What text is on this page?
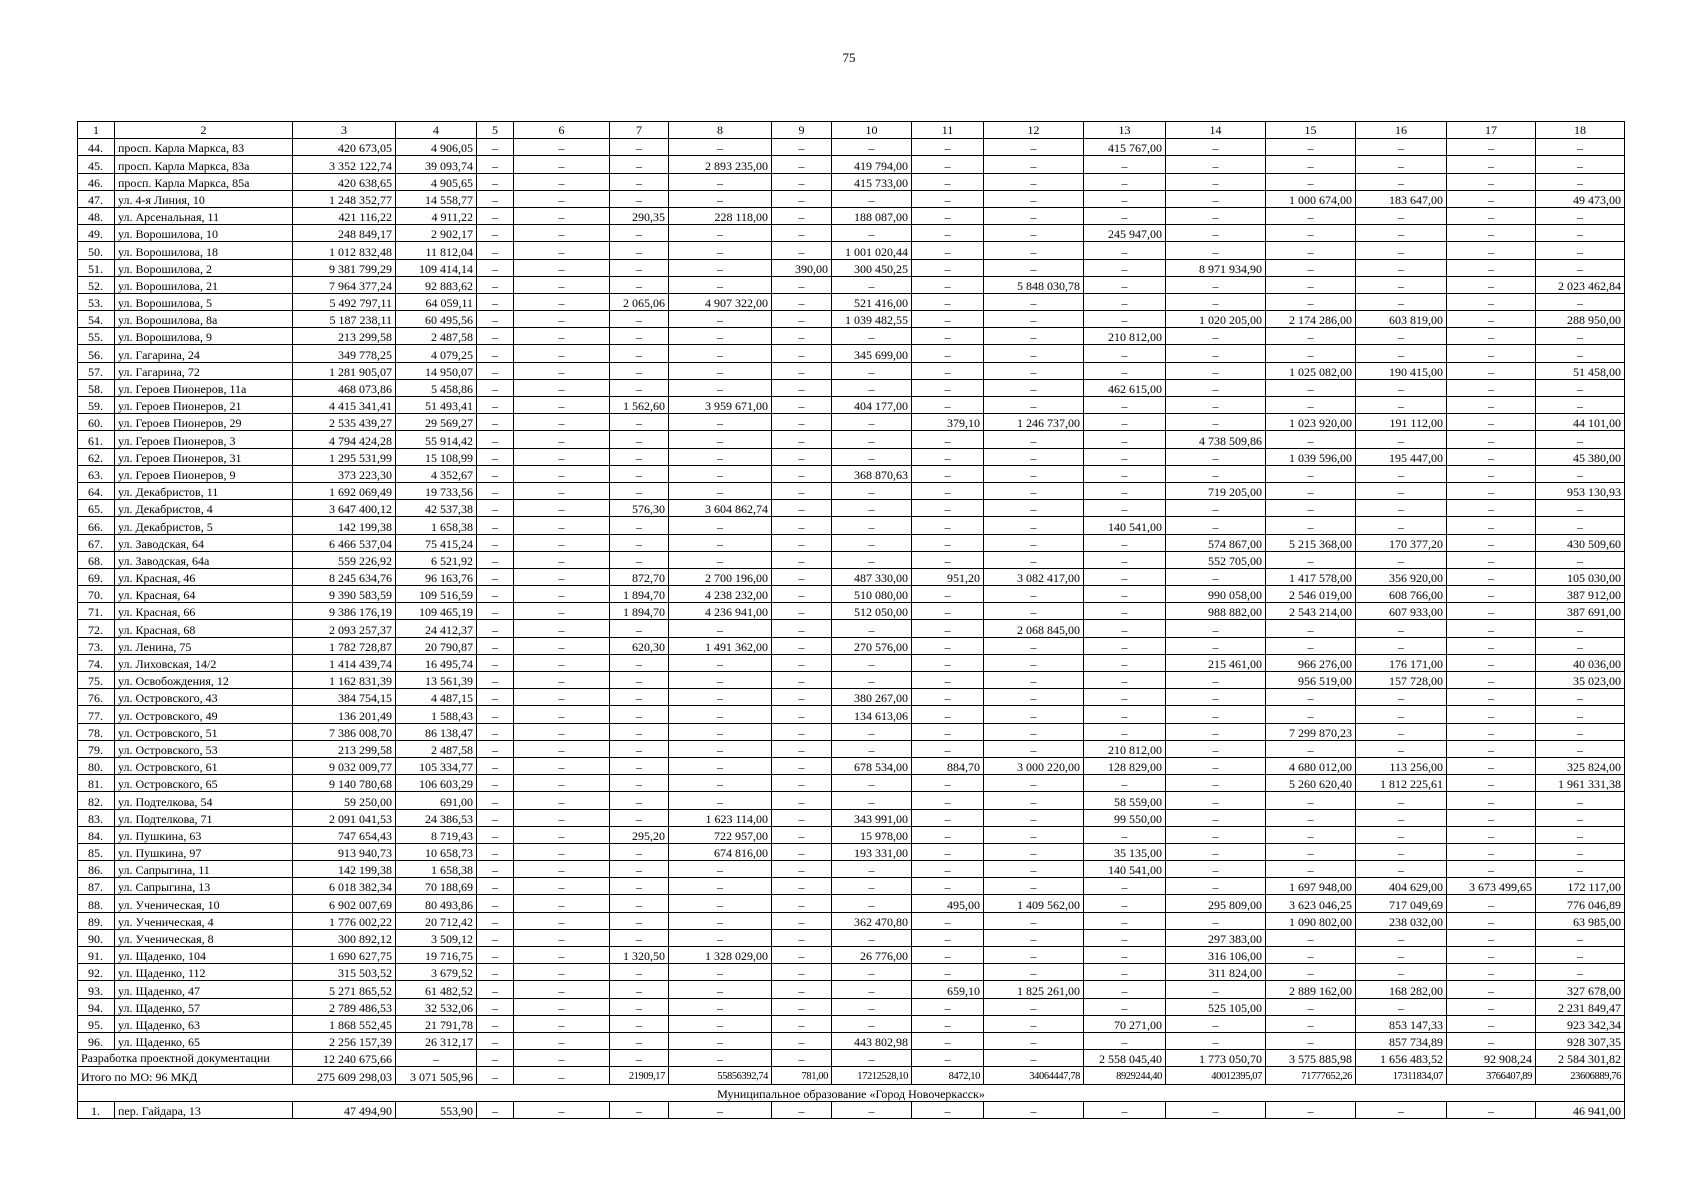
75
1	2	3	4	5	6	7	8	9	10	11	12	13	14	15	16	17	18
44.	просп. Карла Маркса, 83	420 673,05	4 906,05	–	–	–	–	–	–	–	–	415 767,00	–	–	–	–	–
45.	просп. Карла Маркса, 83а	3 352 122,74	39 093,74	–	–	–	2 893 235,00	–	419 794,00	–	–	–	–	–	–	–	–
46.	просп. Карла Маркса, 85а	420 638,65	4 905,65	–	–	–	–	–	415 733,00	–	–	–	–	–	–	–	–
47.	ул. 4-я Линия, 10	1 248 352,77	14 558,77	–	–	–	–	–	–	–	–	–	–	1 000 674,00	183 647,00	–	49 473,00
48.	ул. Арсенальная, 11	421 116,22	4 911,22	–	–	290,35	228 118,00	–	188 087,00	–	–	–	–	–	–	–	–
49.	ул. Ворошилова, 10	248 849,17	2 902,17	–	–	–	–	–	–	–	–	245 947,00	–	–	–	–	–
50.	ул. Ворошилова, 18	1 012 832,48	11 812,04	–	–	–	–	–	1 001 020,44	–	–	–	–	–	–	–	–
51.	ул. Ворошилова, 2	9 381 799,29	109 414,14	–	–	–	–	390,00	300 450,25	–	–	–	8 971 934,90	–	–	–	–
52.	ул. Ворошилова, 21	7 964 377,24	92 883,62	–	–	–	–	–	–	–	5 848 030,78	–	–	–	–	–	2 023 462,84
53.	ул. Ворошилова, 5	5 492 797,11	64 059,11	–	–	2 065,06	4 907 322,00	–	521 416,00	–	–	–	–	–	–	–	–
54.	ул. Ворошилова, 8а	5 187 238,11	60 495,56	–	–	–	–	–	1 039 482,55	–	–	–	1 020 205,00	2 174 286,00	603 819,00	–	288 950,00
55.	ул. Ворошилова, 9	213 299,58	2 487,58	–	–	–	–	–	–	–	–	210 812,00	–	–	–	–	–
56.	ул. Гагарина, 24	349 778,25	4 079,25	–	–	–	–	–	345 699,00	–	–	–	–	–	–	–	–
57.	ул. Гагарина, 72	1 281 905,07	14 950,07	–	–	–	–	–	–	–	–	–	–	1 025 082,00	190 415,00	–	51 458,00
58.	ул. Героев Пионеров, 11а	468 073,86	5 458,86	–	–	–	–	–	–	–	–	462 615,00	–	–	–	–	–
59.	ул. Героев Пионеров, 21	4 415 341,41	51 493,41	–	–	1 562,60	3 959 671,00	–	404 177,00	–	–	–	–	–	–	–	–
60.	ул. Героев Пионеров, 29	2 535 439,27	29 569,27	–	–	–	–	–	–	379,10	1 246 737,00	–	–	1 023 920,00	191 112,00	–	44 101,00
61.	ул. Героев Пионеров, 3	4 794 424,28	55 914,42	–	–	–	–	–	–	–	–	–	4 738 509,86	–	–	–	–
62.	ул. Героев Пионеров, 31	1 295 531,99	15 108,99	–	–	–	–	–	–	–	–	–	–	1 039 596,00	195 447,00	–	45 380,00
63.	ул. Героев Пионеров, 9	373 223,30	4 352,67	–	–	–	–	–	368 870,63	–	–	–	–	–	–	–	–
64.	ул. Декабристов, 11	1 692 069,49	19 733,56	–	–	–	–	–	–	–	–	–	719 205,00	–	–	–	953 130,93
65.	ул. Декабристов, 4	3 647 400,12	42 537,38	–	–	576,30	3 604 862,74	–	–	–	–	–	–	–	–	–	–
66.	ул. Декабристов, 5	142 199,38	1 658,38	–	–	–	–	–	–	–	–	140 541,00	–	–	–	–	–
67.	ул. Заводская, 64	6 466 537,04	75 415,24	–	–	–	–	–	–	–	–	–	574 867,00	5 215 368,00	170 377,20	–	430 509,60
68.	ул. Заводская, 64а	559 226,92	6 521,92	–	–	–	–	–	–	–	–	–	552 705,00	–	–	–	–
69.	ул. Красная, 46	8 245 634,76	96 163,76	–	–	872,70	2 700 196,00	–	487 330,00	951,20	3 082 417,00	–	–	1 417 578,00	356 920,00	–	105 030,00
70.	ул. Красная, 64	9 390 583,59	109 516,59	–	–	1 894,70	4 238 232,00	–	510 080,00	–	–	–	990 058,00	2 546 019,00	608 766,00	–	387 912,00
71.	ул. Красная, 66	9 386 176,19	109 465,19	–	–	1 894,70	4 236 941,00	–	512 050,00	–	–	–	988 882,00	2 543 214,00	607 933,00	–	387 691,00
72.	ул. Красная, 68	2 093 257,37	24 412,37	–	–	–	–	–	–	–	2 068 845,00	–	–	–	–	–	–
73.	ул. Ленина, 75	1 782 728,87	20 790,87	–	–	620,30	1 491 362,00	–	270 576,00	–	–	–	–	–	–	–	–
74.	ул. Лиховская, 14/2	1 414 439,74	16 495,74	–	–	–	–	–	–	–	–	–	215 461,00	966 276,00	176 171,00	–	40 036,00
75.	ул. Освобождения, 12	1 162 831,39	13 561,39	–	–	–	–	–	–	–	–	–	–	956 519,00	157 728,00	–	35 023,00
76.	ул. Островского, 43	384 754,15	4 487,15	–	–	–	–	–	380 267,00	–	–	–	–	–	–	–	–
77.	ул. Островского, 49	136 201,49	1 588,43	–	–	–	–	–	134 613,06	–	–	–	–	–	–	–	–
78.	ул. Островского, 51	7 386 008,70	86 138,47	–	–	–	–	–	–	–	–	–	–	7 299 870,23	–	–	–
79.	ул. Островского, 53	213 299,58	2 487,58	–	–	–	–	–	–	–	–	210 812,00	–	–	–	–	–
80.	ул. Островского, 61	9 032 009,77	105 334,77	–	–	–	–	–	678 534,00	884,70	3 000 220,00	128 829,00	–	4 680 012,00	113 256,00	–	325 824,00
81.	ул. Островского, 65	9 140 780,68	106 603,29	–	–	–	–	–	–	–	–	–	–	5 260 620,40	1 812 225,61	–	1 961 331,38
82.	ул. Подтелкова, 54	59 250,00	691,00	–	–	–	–	–	–	–	–	58 559,00	–	–	–	–	–
83.	ул. Подтелкова, 71	2 091 041,53	24 386,53	–	–	–	1 623 114,00	–	343 991,00	–	–	99 550,00	–	–	–	–	–
84.	ул. Пушкина, 63	747 654,43	8 719,43	–	–	295,20	722 957,00	–	15 978,00	–	–	–	–	–	–	–	–
85.	ул. Пушкина, 97	913 940,73	10 658,73	–	–	–	674 816,00	–	193 331,00	–	–	35 135,00	–	–	–	–	–
86.	ул. Сапрыгина, 11	142 199,38	1 658,38	–	–	–	–	–	–	–	–	140 541,00	–	–	–	–	–
87.	ул. Сапрыгина, 13	6 018 382,34	70 188,69	–	–	–	–	–	–	–	–	–	–	1 697 948,00	404 629,00	3 673 499,65	172 117,00
88.	ул. Ученическая, 10	6 902 007,69	80 493,86	–	–	–	–	–	–	495,00	1 409 562,00	–	295 809,00	3 623 046,25	717 049,69	–	776 046,89
89.	ул. Ученическая, 4	1 776 002,22	20 712,42	–	–	–	–	–	362 470,80	–	–	–	–	1 090 802,00	238 032,00	–	63 985,00
90.	ул. Ученическая, 8	300 892,12	3 509,12	–	–	–	–	–	–	–	–	–	297 383,00	–	–	–	–
91.	ул. Щаденко, 104	1 690 627,75	19 716,75	–	–	1 320,50	1 328 029,00	–	26 776,00	–	–	–	316 106,00	–	–	–	–
92.	ул. Щаденко, 112	315 503,52	3 679,52	–	–	–	–	–	–	–	–	–	311 824,00	–	–	–	–
93.	ул. Щаденко, 47	5 271 865,52	61 482,52	–	–	–	–	–	–	659,10	1 825 261,00	–	–	2 889 162,00	168 282,00	–	327 678,00
94.	ул. Щаденко, 57	2 789 486,53	32 532,06	–	–	–	–	–	–	–	–	–	525 105,00	–	–	–	2 231 849,47
95.	ул. Щаденко, 63	1 868 552,45	21 791,78	–	–	–	–	–	–	–	–	70 271,00	–	–	853 147,33	–	923 342,34
96.	ул. Щаденко, 65	2 256 157,39	26 312,17	–	–	–	–	–	443 802,98	–	–	–	–	–	857 734,89	–	928 307,35
Разработка проектной документации		12 240 675,66	–	–	–	–	–	–	–	–	–	2 558 045,40	1 773 050,70	3 575 885,98	1 656 483,52	92 908,24	2 584 301,82
Итого по МО: 96 МКД		275 609 298,03	3 071 505,96	–	–	21909,17	55856392,74	781,00	17212528,10	8472,10	34064447,78	8929244,40	40012395,07	71777652,26	17311834,07	3766407,89	23606889,76
Муниципальное образование «Город Новочеркасск»																	
1.	пер. Гайдара, 13	47 494,90	553,90	–	–	–	–	–	–	–	–	–	–	–	–	–	46 941,00
